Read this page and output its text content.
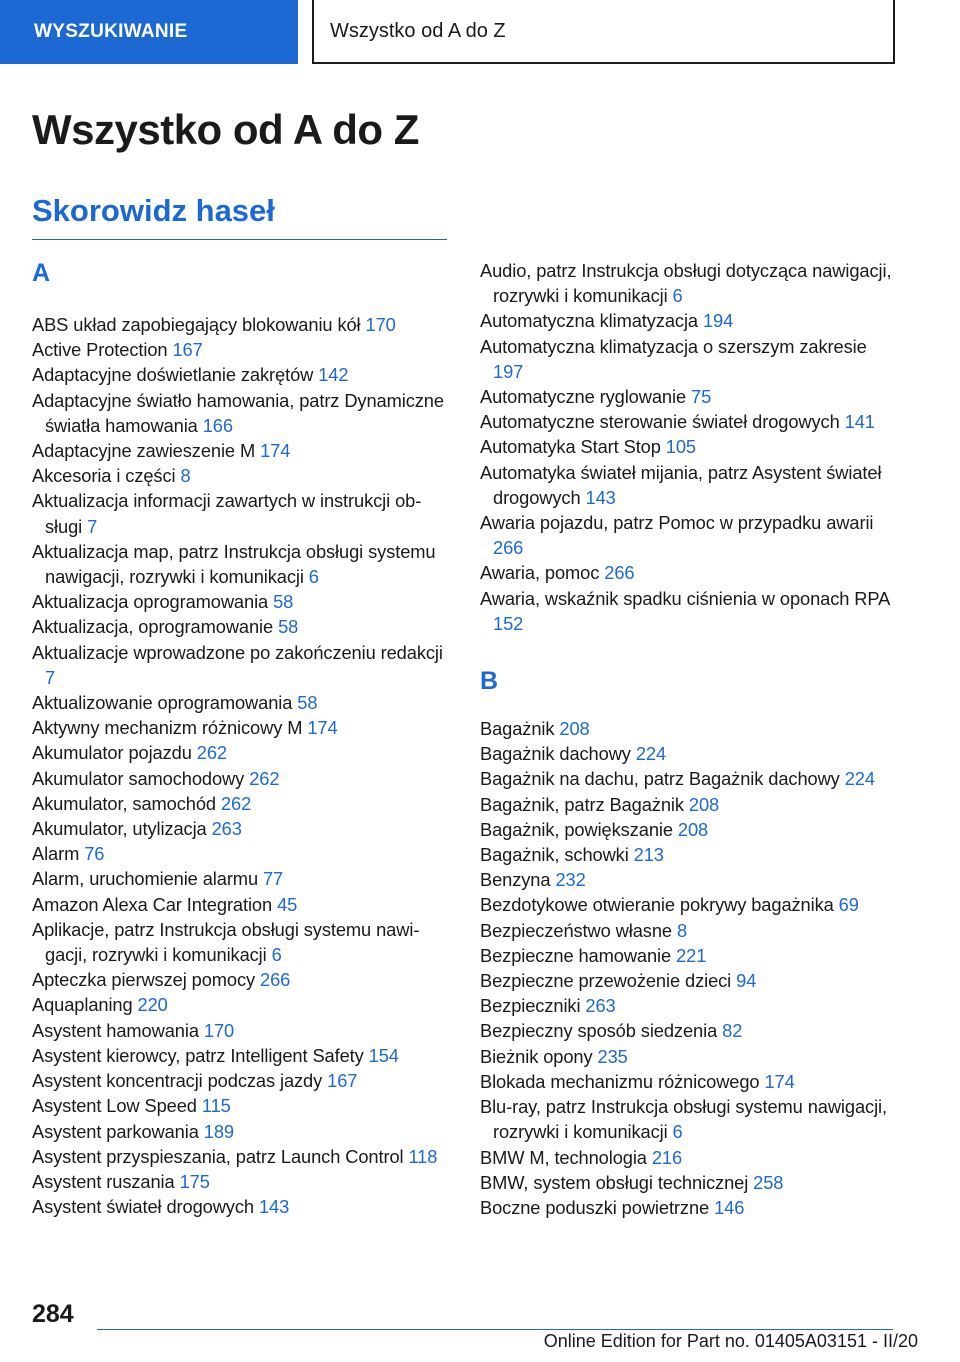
WYSZUKIWANIE	Wszystko od A do Z
Wszystko od A do Z
Skorowidz haseł
A
ABS układ zapobiegający blokowaniu kół 170
Active Protection 167
Adaptacyjne doświetlanie zakrętów 142
Adaptacyjne światło hamowania, patrz Dynamiczne światła hamowania 166
Adaptacyjne zawieszenie M 174
Akcesoria i części 8
Aktualizacja informacji zawartych w instrukcji obsługi 7
Aktualizacja map, patrz Instrukcja obsługi systemu nawigacji, rozrywki i komunikacji 6
Aktualizacja oprogramowania 58
Aktualizacja, oprogramowanie 58
Aktualizacje wprowadzone po zakończeniu redakcji 7
Aktualizowanie oprogramowania 58
Aktywny mechanizm różnicowy M 174
Akumulator pojazdu 262
Akumulator samochodowy 262
Akumulator, samochód 262
Akumulator, utylizacja 263
Alarm 76
Alarm, uruchomienie alarmu 77
Amazon Alexa Car Integration 45
Aplikacje, patrz Instrukcja obsługi systemu nawigacji, rozrywki i komunikacji 6
Apteczka pierwszej pomocy 266
Aquaplaning 220
Asystent hamowania 170
Asystent kierowcy, patrz Intelligent Safety 154
Asystent koncentracji podczas jazdy 167
Asystent Low Speed 115
Asystent parkowania 189
Asystent przyspieszania, patrz Launch Control 118
Asystent ruszania 175
Asystent świateł drogowych 143
Audio, patrz Instrukcja obsługi dotycząca nawigacji, rozrywki i komunikacji 6
Automatyczna klimatyzacja 194
Automatyczna klimatyzacja o szerszym zakresie 197
Automatyczne ryglowanie 75
Automatyczne sterowanie świateł drogowych 141
Automatyka Start Stop 105
Automatyka świateł mijania, patrz Asystent świateł drogowych 143
Awaria pojazdu, patrz Pomoc w przypadku awarii 266
Awaria, pomoc 266
Awaria, wskaźnik spadku ciśnienia w oponach RPA 152
B
Bagażnik 208
Bagażnik dachowy 224
Bagażnik na dachu, patrz Bagażnik dachowy 224
Bagażnik, patrz Bagażnik 208
Bagażnik, powiększanie 208
Bagażnik, schowki 213
Benzyna 232
Bezdotykowe otwieranie pokrywy bagażnika 69
Bezpieczeństwo własne 8
Bezpieczne hamowanie 221
Bezpieczne przewożenie dzieci 94
Bezpieczniki 263
Bezpieczny sposób siedzenia 82
Bieżnik opony 235
Blokada mechanizmu różnicowego 174
Blu-ray, patrz Instrukcja obsługi systemu nawigacji, rozrywki i komunikacji 6
BMW M, technologia 216
BMW, system obsługi technicznej 258
Boczne poduszki powietrzne 146
284
Online Edition for Part no. 01405A03151 - II/20
